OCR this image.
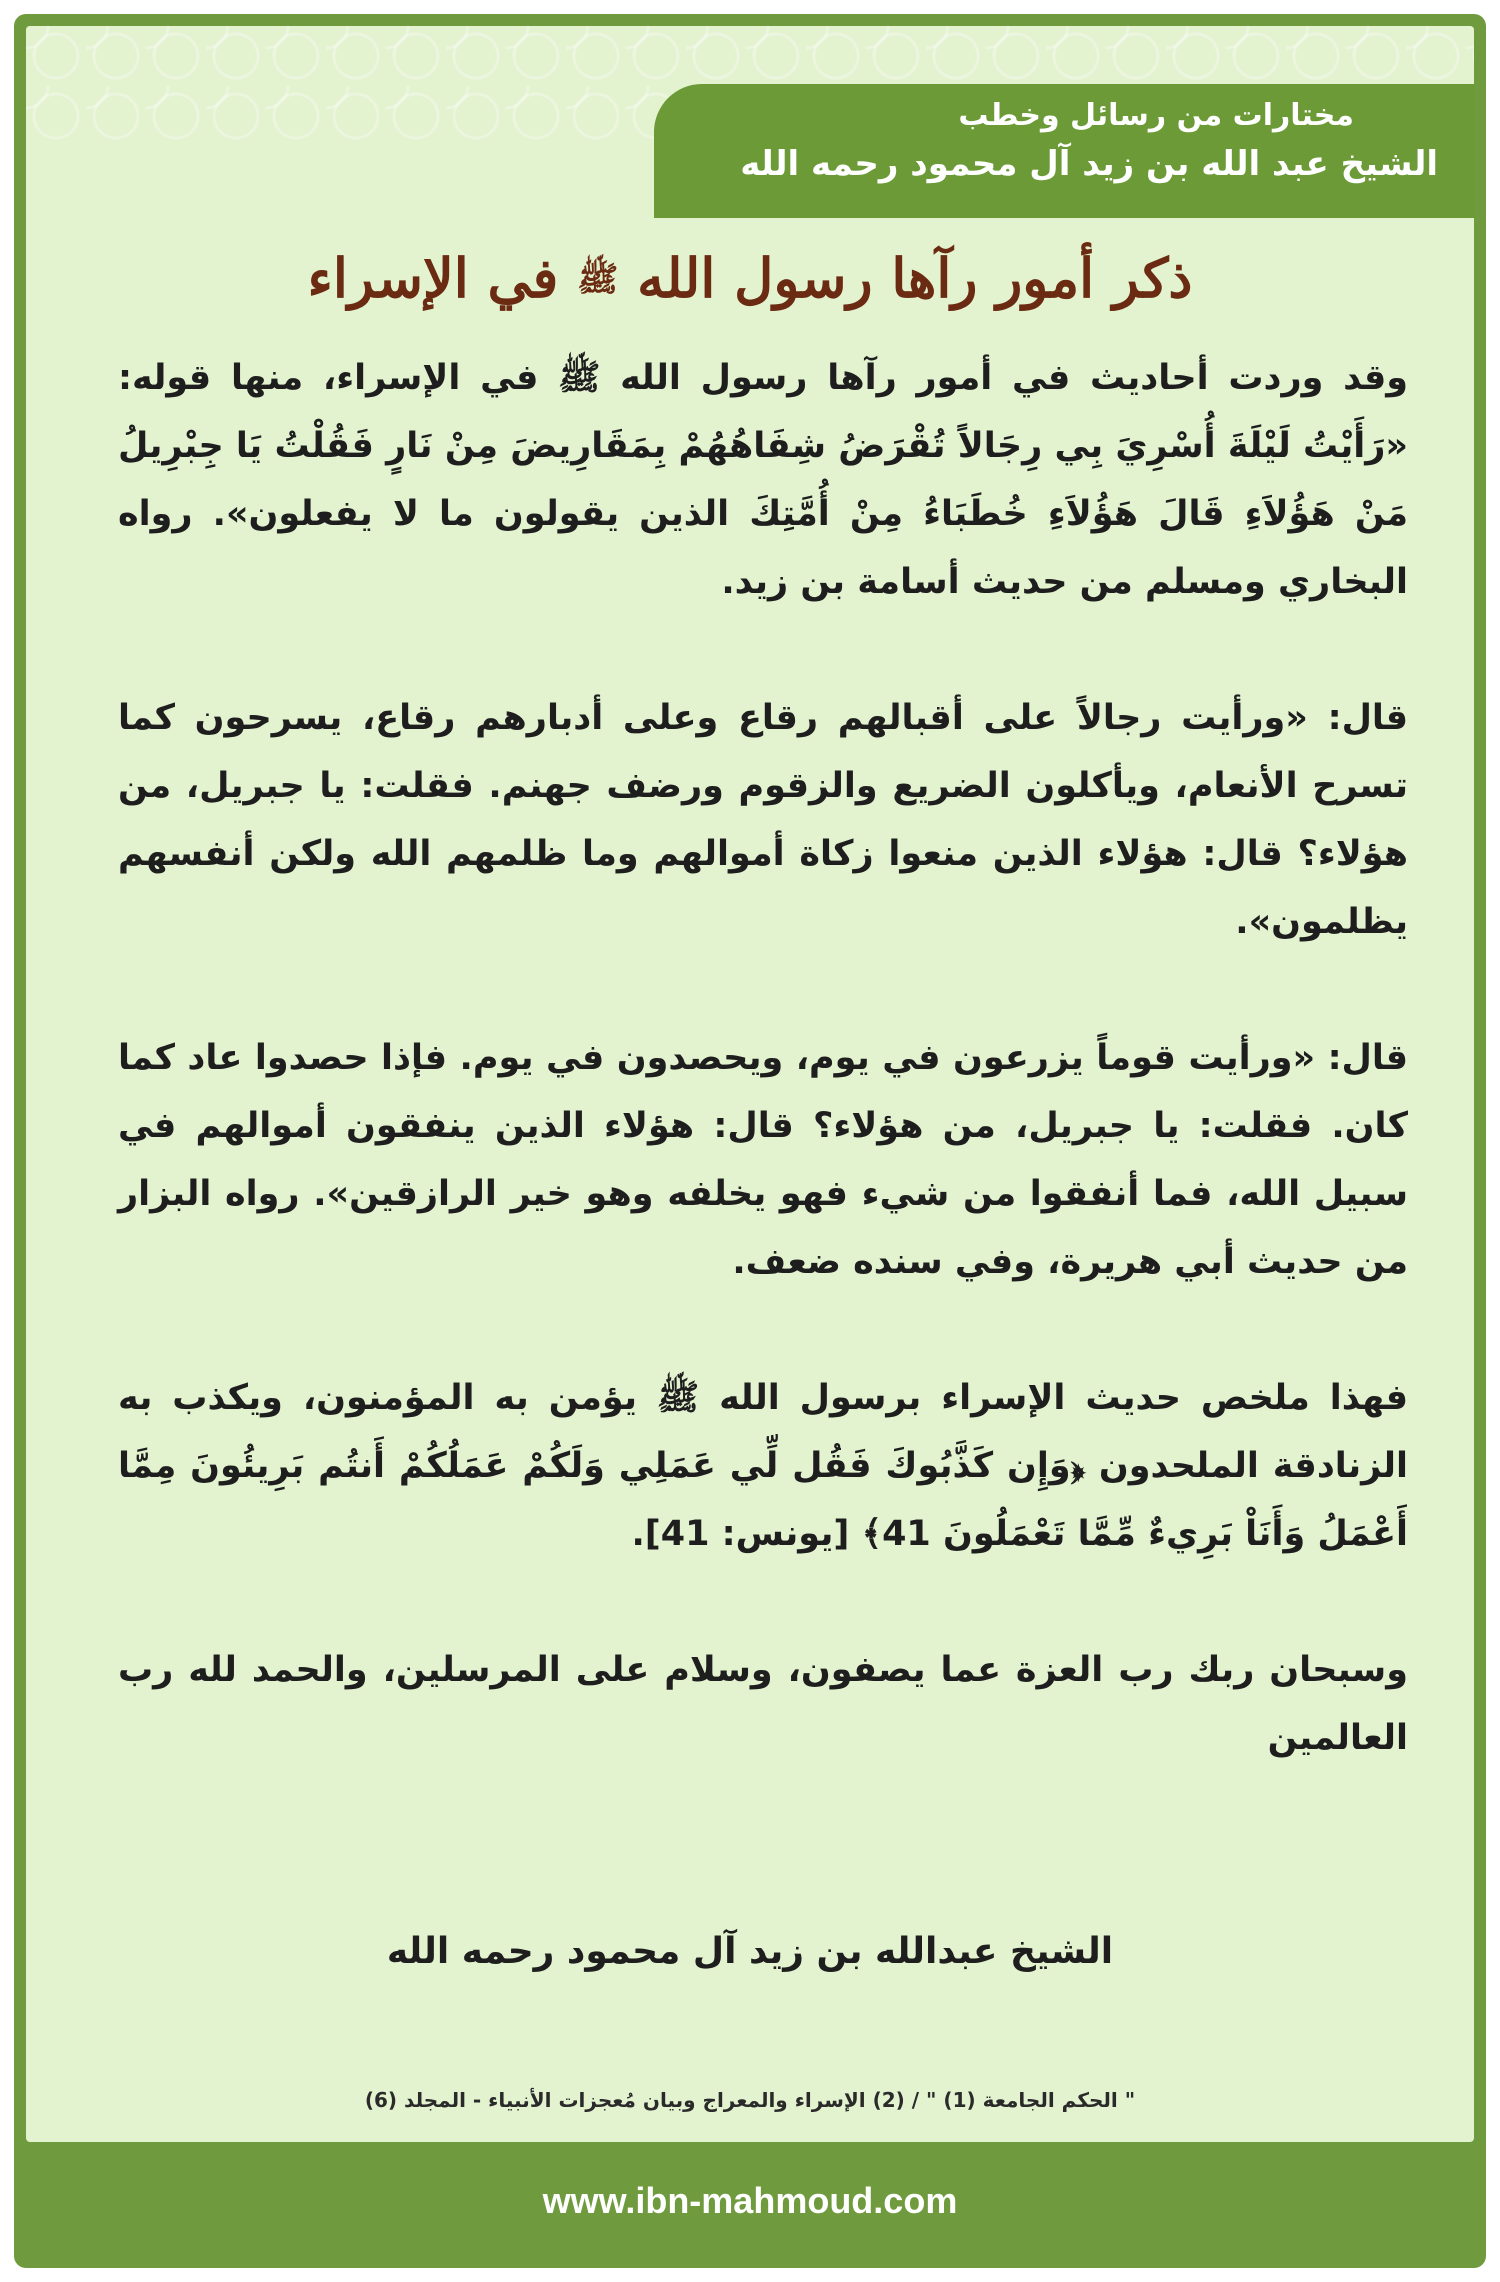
مختارات من رسائل وخطب
الشيخ عبد الله بن زيد آل محمود رحمه الله
ذكر أمور رآها رسول الله ﷺ في الإسراء

وقد وردت أحاديث في أمور رآها رسول الله ﷺ في الإسراء، منها قوله: «رَأَيْتُ لَيْلَةَ أُسْرِيَ بِي رِجَالاً تُقْرَضُ شِفَاهُهُمْ بِمَقَارِيضَ مِنْ نَارٍ فَقُلْتُ يَا جِبْرِيلُ مَنْ هَؤُلاَءِ قَالَ هَؤُلاَءِ خُطَبَاءُ مِنْ أُمَّتِكَ الذين يقولون ما لا يفعلون». رواه البخاري ومسلم من حديث أسامة بن زيد.

قال: «ورأيت رجالاً على أقبالهم رقاع وعلى أدبارهم رقاع، يسرحون كما تسرح الأنعام، ويأكلون الضريع والزقوم ورضف جهنم. فقلت: يا جبريل، من هؤلاء؟ قال: هؤلاء الذين منعوا زكاة أموالهم وما ظلمهم الله ولكن أنفسهم يظلمون».

قال: «ورأيت قوماً يزرعون في يوم، ويحصدون في يوم. فإذا حصدوا عاد كما كان. فقلت: يا جبريل، من هؤلاء؟ قال: هؤلاء الذين ينفقون أموالهم في سبيل الله، فما أنفقوا من شيء فهو يخلفه وهو خير الرازقين». رواه البزار من حديث أبي هريرة، وفي سنده ضعف.

فهذا ملخص حديث الإسراء برسول الله ﷺ يؤمن به المؤمنون، ويكذب به الزنادقة الملحدون ﴿وَإِن كَذَّبُوكَ فَقُل لِّي عَمَلِي وَلَكُمْ عَمَلُكُمْ أَنتُم بَرِيئُونَ مِمَّا أَعْمَلُ وَأَنَاْ بَرِيءٌ مِّمَّا تَعْمَلُونَ 41﴾ [يونس: 41].

وسبحان ربك رب العزة عما يصفون، وسلام على المرسلين، والحمد لله رب العالمين

الشيخ عبدالله بن زيد آل محمود رحمه الله
" الحكم الجامعة (1) " / (2) الإسراء والمعراج وبيان مُعجزات الأنبياء - المجلد (6)
www.ibn-mahmoud.com
